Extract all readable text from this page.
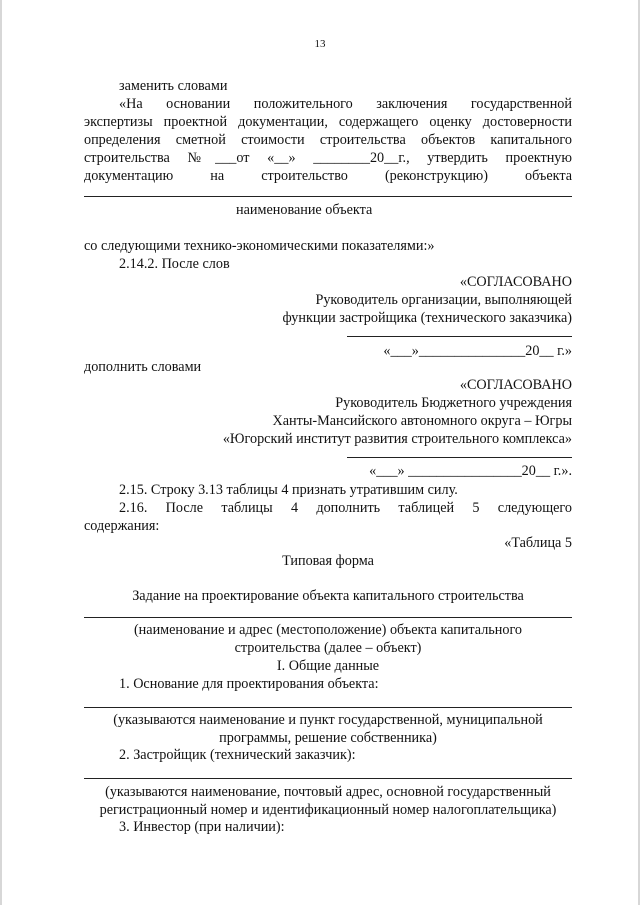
13
заменить словами
«На основании положительного заключения государственной
экспертизы проектной документации, содержащего оценку достоверности
определения сметной стоимости строительства объектов капитального
строительства №___от «__» ________20__г., утвердить проектную
документацию на строительство (реконструкцию) объекта
наименование объекта
со следующими технико-экономическими показателями:»
2.14.2. После слов
«СОГЛАСОВАНО
Руководитель организации, выполняющей
функции застройщика (технического заказчика)
«___»_______________20__ г.»
дополнить словами
«СОГЛАСОВАНО
Руководитель Бюджетного учреждения
Ханты-Мансийского автономного округа – Югры
«Югорский институт развития строительного комплекса»
«___» ________________20__ г.».
2.15. Строку 3.13 таблицы 4 признать утратившим силу.
2.16. После таблицы 4 дополнить таблицей 5 следующего
содержания:
«Таблица 5
Типовая форма
Задание на проектирование объекта капитального строительства
(наименование и адрес (местоположение) объекта капитального
строительства (далее – объект)
I. Общие данные
1. Основание для проектирования объекта:
(указываются наименование и пункт государственной, муниципальной
программы, решение собственника)
2. Застройщик (технический заказчик):
(указываются наименование, почтовый адрес, основной государственный
регистрационный номер и идентификационный номер налогоплательщика)
3. Инвестор (при наличии):
